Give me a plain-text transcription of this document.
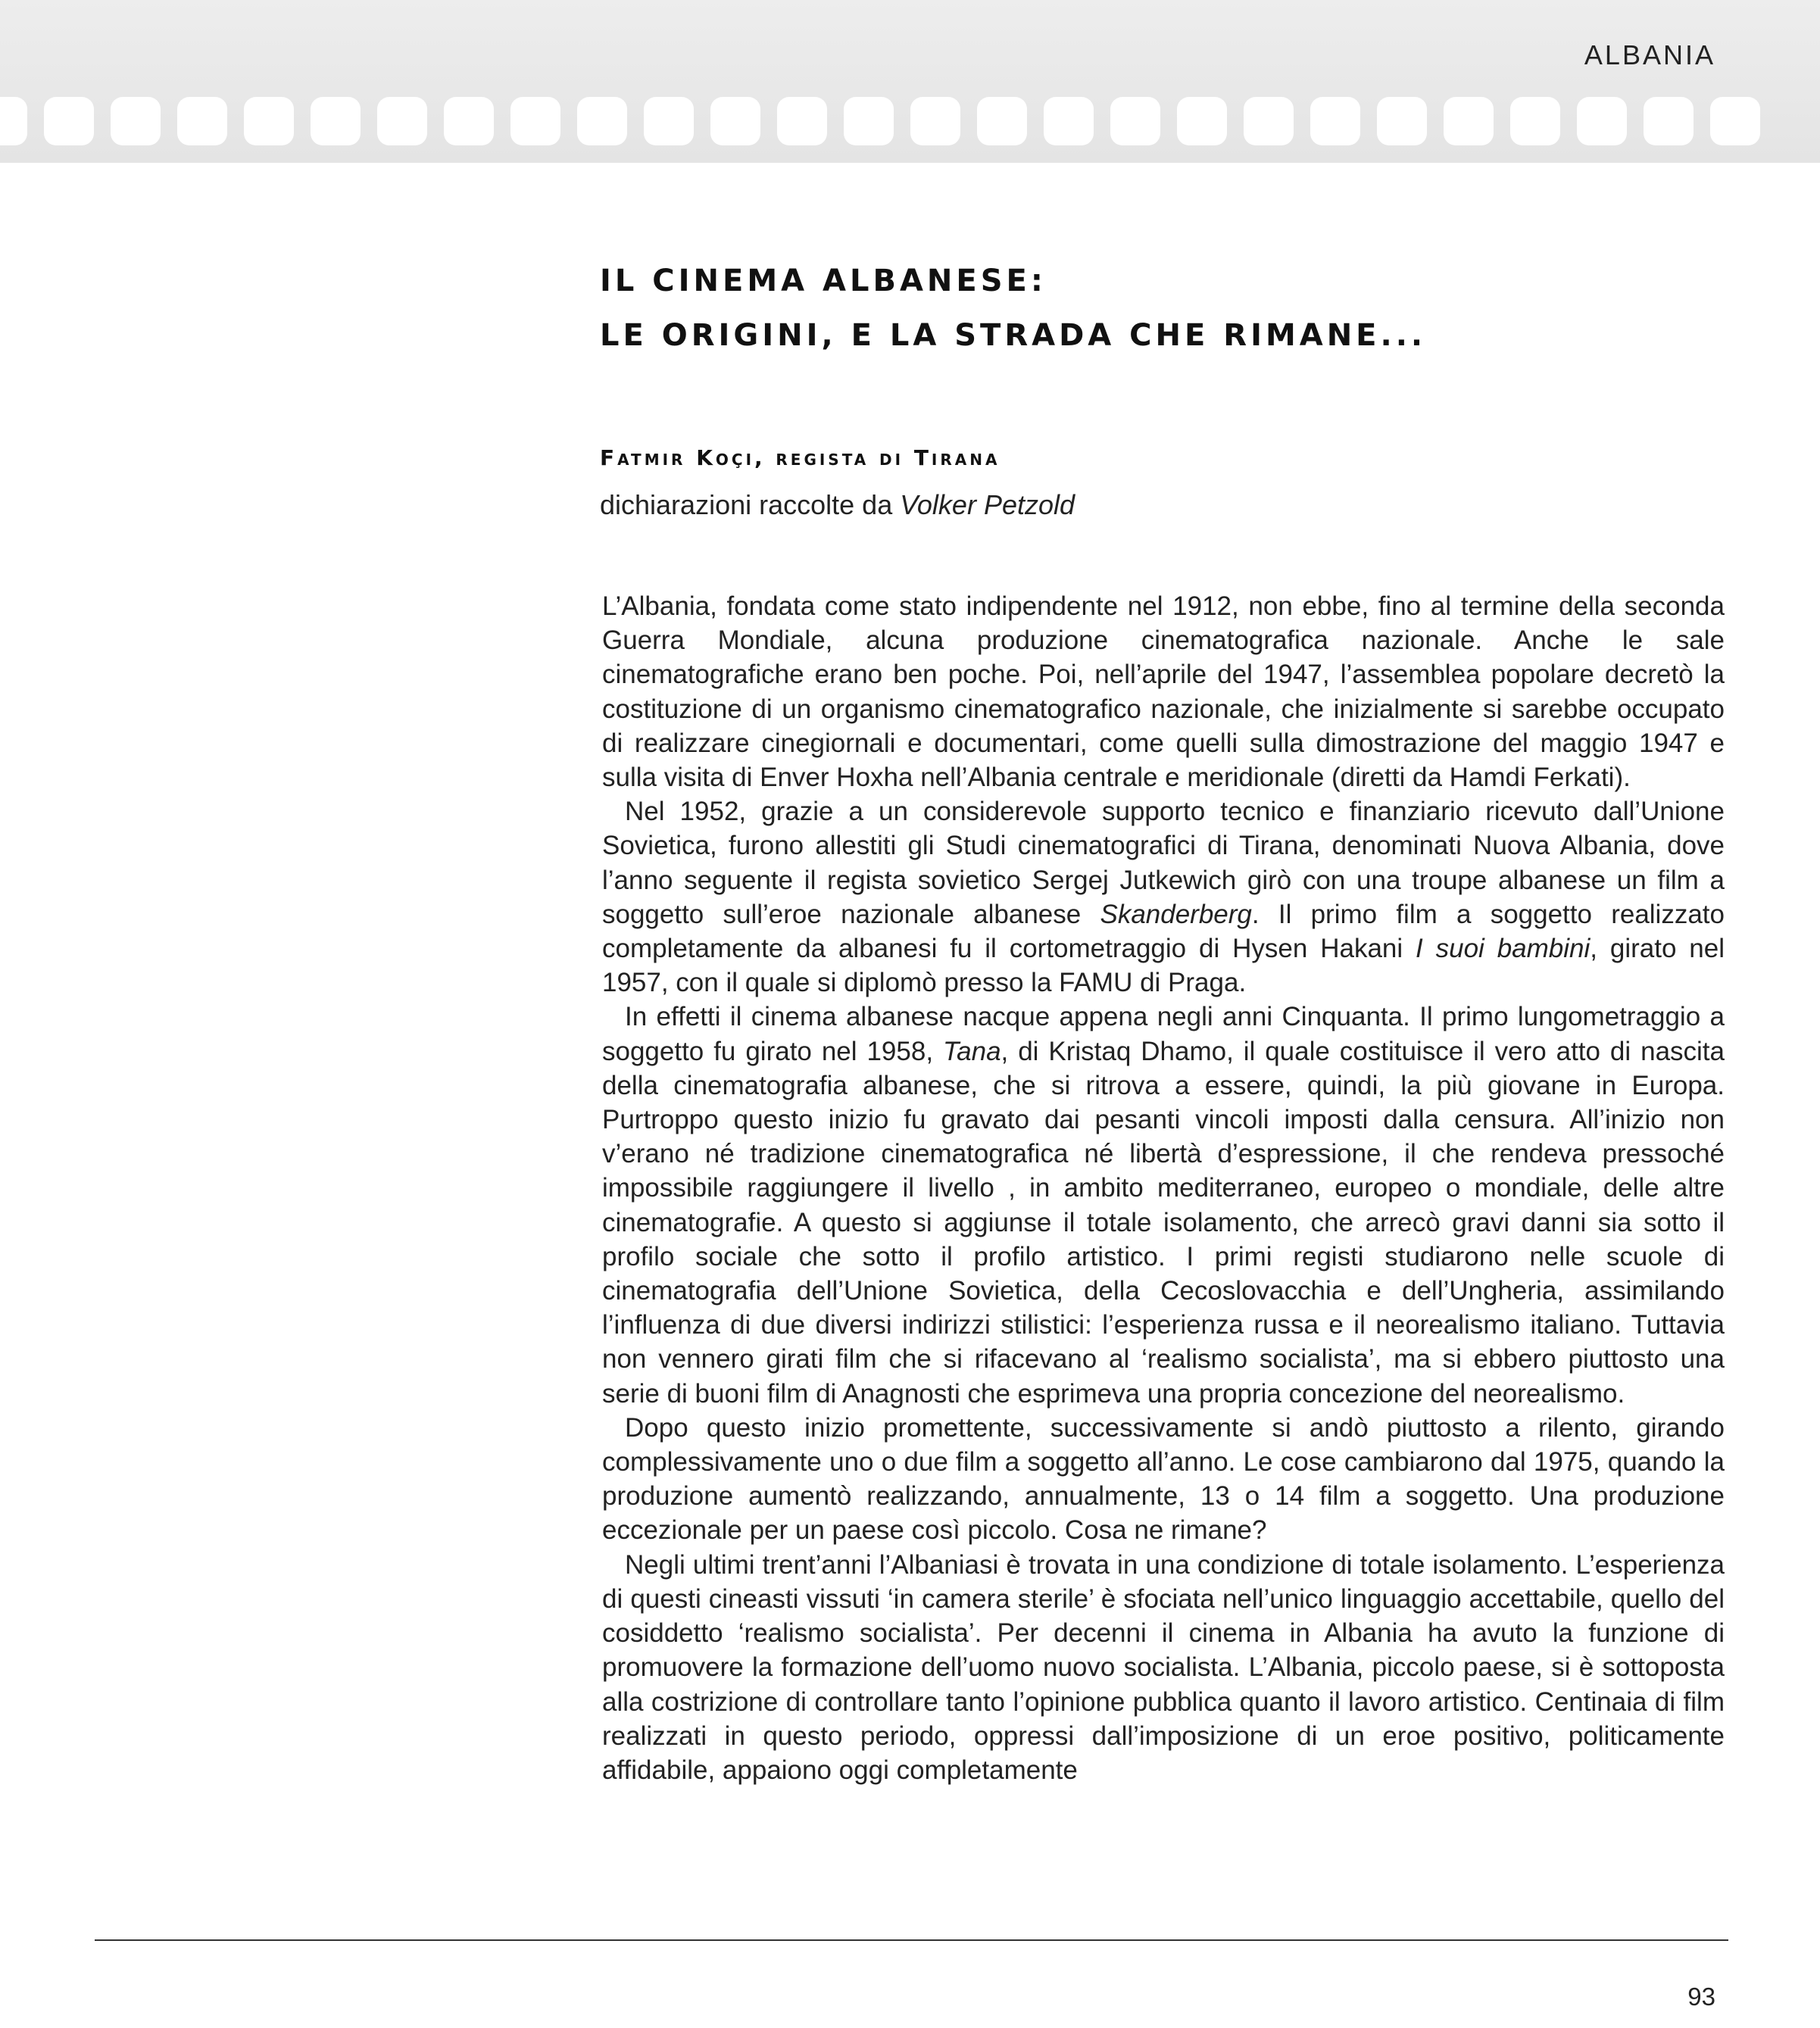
ALBANIA
IL CINEMA ALBANESE:
LE ORIGINI, E LA STRADA CHE RIMANE...
Fatmir Koçi, regista di Tirana
dichiarazioni raccolte da Volker Petzold

L’Albania, fondata come stato indipendente nel 1912, non ebbe, fino al termine della seconda Guerra Mondiale, alcuna produzione cinematografica nazionale. Anche le sale cinematografiche erano ben poche. Poi, nell’aprile del 1947, l’assemblea popolare decretò la costituzione di un organismo cinematografico nazionale, che inizialmente si sarebbe occupato di realizzare cinegiornali e documentari, come quelli sulla dimostrazione del maggio 1947 e sulla visita di Enver Hoxha nell’Albania centrale e meridionale (diretti da Hamdi Ferkati).

Nel 1952, grazie a un considerevole supporto tecnico e finanziario ricevuto dall’Unione Sovietica, furono allestiti gli Studi cinematografici di Tirana, denominati Nuova Albania, dove l’anno seguente il regista sovietico Sergej Jutkewich girò con una troupe albanese un film a soggetto sull’eroe nazionale albanese Skanderberg. Il primo film a soggetto realizzato completamente da albanesi fu il cortometraggio di Hysen Hakani I suoi bambini, girato nel 1957, con il quale si diplomò presso la FAMU di Praga.

In effetti il cinema albanese nacque appena negli anni Cinquanta. Il primo lungometraggio a soggetto fu girato nel 1958, Tana, di Kristaq Dhamo, il quale costituisce il vero atto di nascita della cinematografia albanese, che si ritrova a essere, quindi, la più giovane in Europa. Purtroppo questo inizio fu gravato dai pesanti vincoli imposti dalla censura. All’inizio non v’erano né tradizione cinematografica né libertà d’espressione, il che rendeva pressoché impossibile raggiungere il livello , in ambito mediterraneo, europeo o mondiale, delle altre cinematografie. A questo si aggiunse il totale isolamento, che arrecò gravi danni sia sotto il profilo sociale che sotto il profilo artistico. I primi registi studiarono nelle scuole di cinematografia dell’Unione Sovietica, della Cecoslovacchia e dell’Ungheria, assimilando l’influenza di due diversi indirizzi stilistici: l’esperienza russa e il neorealismo italiano. Tuttavia non vennero girati film che si rifacevano al ‘realismo socialista’, ma si ebbero piuttosto una serie di buoni film di Anagnosti che esprimeva una propria concezione del neorealismo.

Dopo questo inizio promettente, successivamente si andò piuttosto a rilento, girando complessivamente uno o due film a soggetto all’anno. Le cose cambiarono dal 1975, quando la produzione aumentò realizzando, annualmente, 13 o 14 film a soggetto. Una produzione eccezionale per un paese così piccolo. Cosa ne rimane?

Negli ultimi trent’anni l’Albaniasi è trovata in una condizione di totale isolamento. L’esperienza di questi cineasti vissuti ‘in camera sterile’ è sfociata nell’unico linguaggio accettabile, quello del cosiddetto ‘realismo socialista’. Per decenni il cinema in Albania ha avuto la funzione di promuovere la formazione dell’uomo nuovo socialista. L’Albania, piccolo paese, si è sottoposta alla costrizione di controllare tanto l’opinione pubblica quanto il lavoro artistico. Centinaia di film realizzati in questo periodo, oppressi dall’imposizione di un eroe positivo, politicamente affidabile, appaiono oggi completamente

93
